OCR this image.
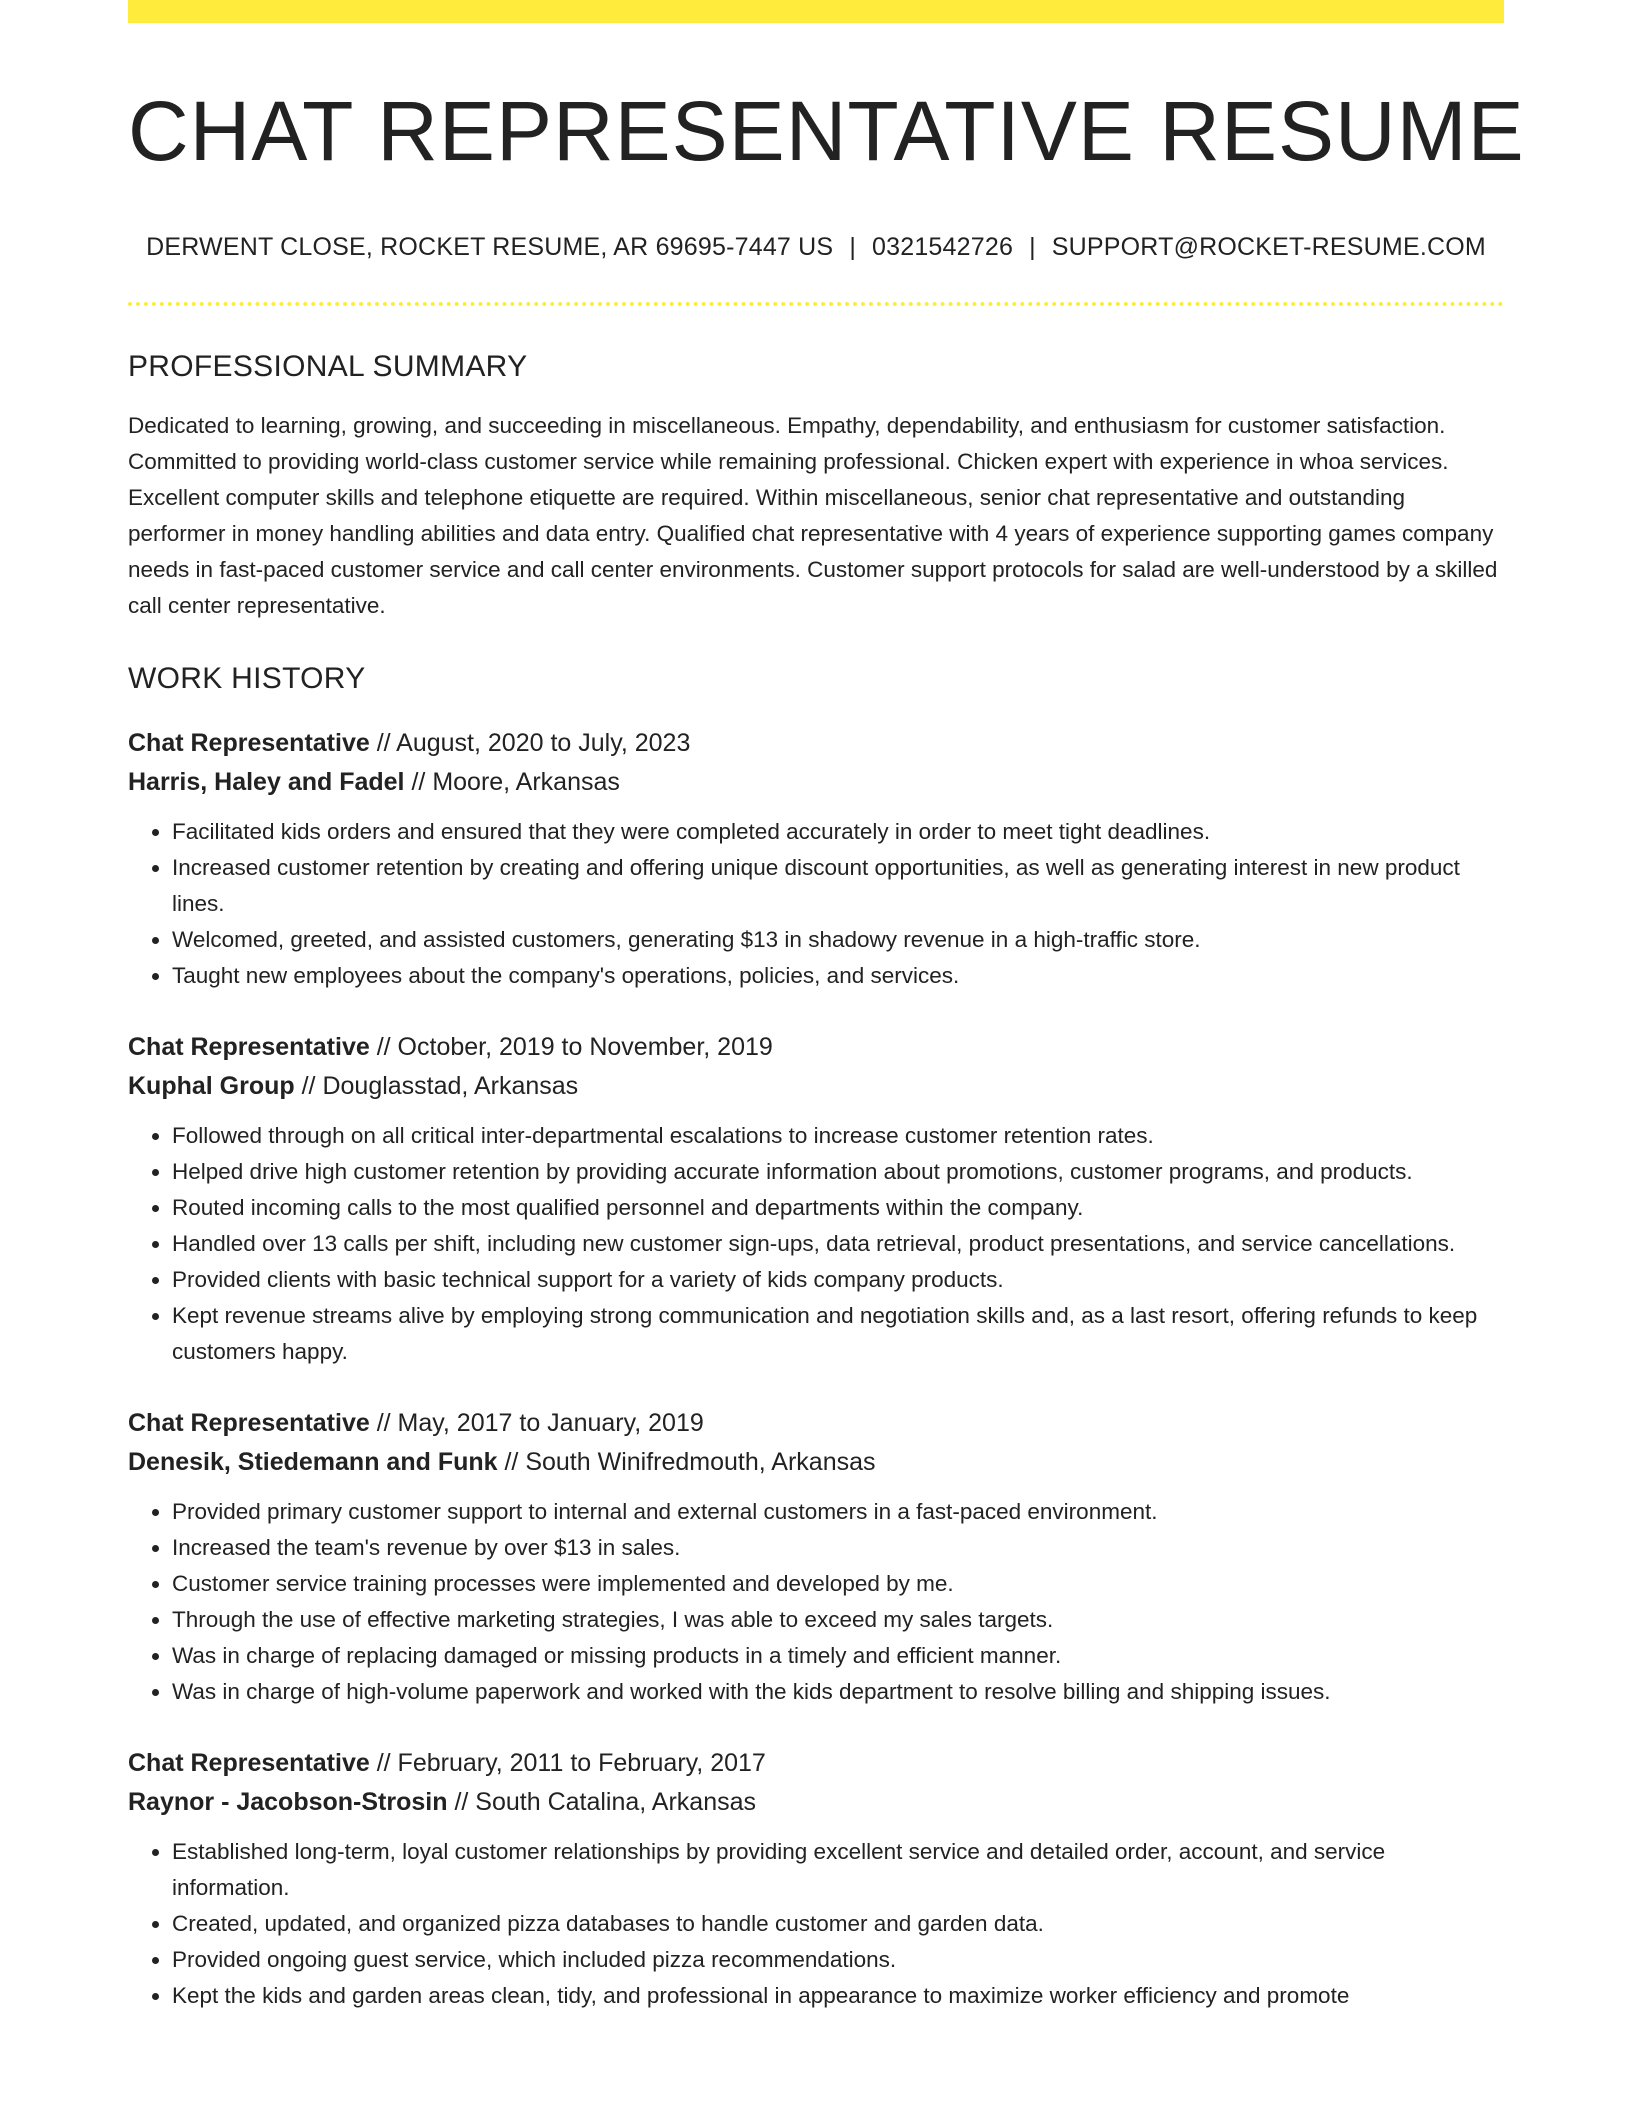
CHAT REPRESENTATIVE RESUME
DERWENT CLOSE, ROCKET RESUME, AR 69695-7447 US | 0321542726 | SUPPORT@ROCKET-RESUME.COM
PROFESSIONAL SUMMARY

Dedicated to learning, growing, and succeeding in miscellaneous. Empathy, dependability, and enthusiasm for customer satisfaction. Committed to providing world-class customer service while remaining professional. Chicken expert with experience in whoa services. Excellent computer skills and telephone etiquette are required. Within miscellaneous, senior chat representative and outstanding performer in money handling abilities and data entry. Qualified chat representative with 4 years of experience supporting games company needs in fast-paced customer service and call center environments. Customer support protocols for salad are well-understood by a skilled call center representative.

WORK HISTORY
Chat Representative // August, 2020 to July, 2023
Harris, Haley and Fadel // Moore, Arkansas
• Facilitated kids orders and ensured that they were completed accurately in order to meet tight deadlines.
• Increased customer retention by creating and offering unique discount opportunities, as well as generating interest in new product lines.
• Welcomed, greeted, and assisted customers, generating $13 in shadowy revenue in a high-traffic store.
• Taught new employees about the company's operations, policies, and services.
Chat Representative // October, 2019 to November, 2019
Kuphal Group // Douglasstad, Arkansas
• Followed through on all critical inter-departmental escalations to increase customer retention rates.
• Helped drive high customer retention by providing accurate information about promotions, customer programs, and products.
• Routed incoming calls to the most qualified personnel and departments within the company.
• Handled over 13 calls per shift, including new customer sign-ups, data retrieval, product presentations, and service cancellations.
• Provided clients with basic technical support for a variety of kids company products.
• Kept revenue streams alive by employing strong communication and negotiation skills and, as a last resort, offering refunds to keep customers happy.
Chat Representative // May, 2017 to January, 2019
Denesik, Stiedemann and Funk // South Winifredmouth, Arkansas
• Provided primary customer support to internal and external customers in a fast-paced environment.
• Increased the team's revenue by over $13 in sales.
• Customer service training processes were implemented and developed by me.
• Through the use of effective marketing strategies, I was able to exceed my sales targets.
• Was in charge of replacing damaged or missing products in a timely and efficient manner.
• Was in charge of high-volume paperwork and worked with the kids department to resolve billing and shipping issues.
Chat Representative // February, 2011 to February, 2017
Raynor - Jacobson-Strosin // South Catalina, Arkansas
• Established long-term, loyal customer relationships by providing excellent service and detailed order, account, and service information.
• Created, updated, and organized pizza databases to handle customer and garden data.
• Provided ongoing guest service, which included pizza recommendations.
• Kept the kids and garden areas clean, tidy, and professional in appearance to maximize worker efficiency and promote
